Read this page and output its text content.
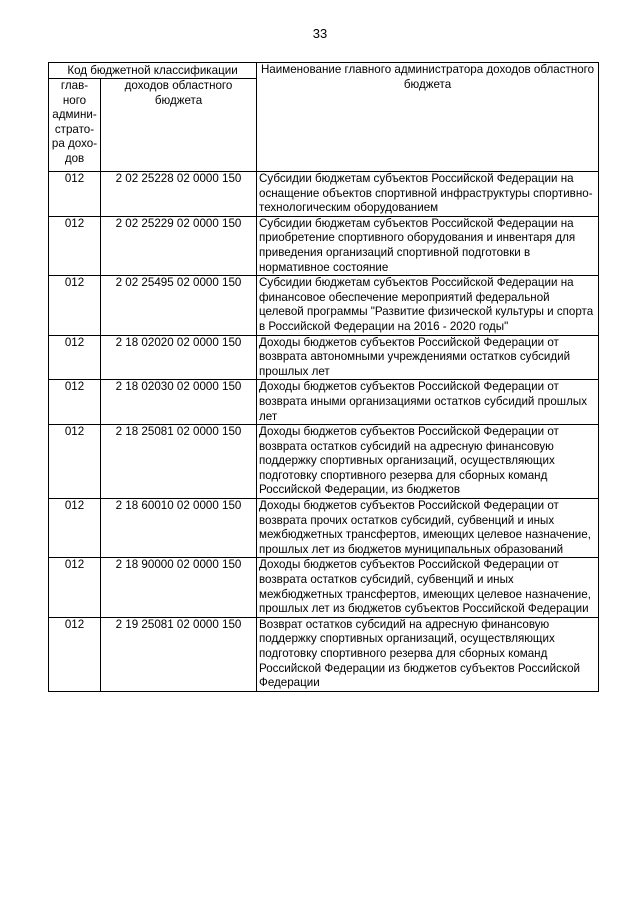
33
Код бюджетной классификации		Наименование главного администратора доходов областного бюджета
глав-ного админи-страто-ра дохо-дов	доходов областного бюджета	
012	2 02 25228 02 0000 150	Субсидии бюджетам субъектов Российской Федерации на оснащение объектов спортивной инфраструктуры спортивно-технологическим оборудованием
012	2 02 25229 02 0000 150	Субсидии бюджетам субъектов Российской Федерации на приобретение спортивного оборудования и инвентаря для приведения организаций спортивной подготовки в нормативное состояние
012	2 02 25495 02 0000 150	Субсидии бюджетам субъектов Российской Федерации на финансовое обеспечение мероприятий федеральной целевой программы "Развитие физической культуры и спорта в Российской Федерации на 2016 - 2020 годы"
012	2 18 02020 02 0000 150	Доходы бюджетов субъектов Российской Федерации от возврата автономными учреждениями остатков субсидий прошлых лет
012	2 18 02030 02 0000 150	Доходы бюджетов субъектов Российской Федерации от возврата иными организациями остатков субсидий прошлых лет
012	2 18 25081 02 0000 150	Доходы бюджетов субъектов Российской Федерации от возврата остатков субсидий на адресную финансовую поддержку спортивных организаций, осуществляющих подготовку спортивного резерва для сборных команд Российской Федерации, из бюджетов
012	2 18 60010 02 0000 150	Доходы бюджетов субъектов Российской Федерации от возврата прочих остатков субсидий, субвенций и иных межбюджетных трансфертов, имеющих целевое назначение, прошлых лет из бюджетов муниципальных образований
012	2 18 90000 02 0000 150	Доходы бюджетов субъектов Российской Федерации от возврата остатков субсидий, субвенций и иных межбюджетных трансфертов, имеющих целевое назначение, прошлых лет из бюджетов субъектов Российской Федерации
012	2 19 25081 02 0000 150	Возврат остатков субсидий на адресную финансовую поддержку спортивных организаций, осуществляющих подготовку спортивного резерва для сборных команд Российской Федерации из бюджетов субъектов Российской Федерации
